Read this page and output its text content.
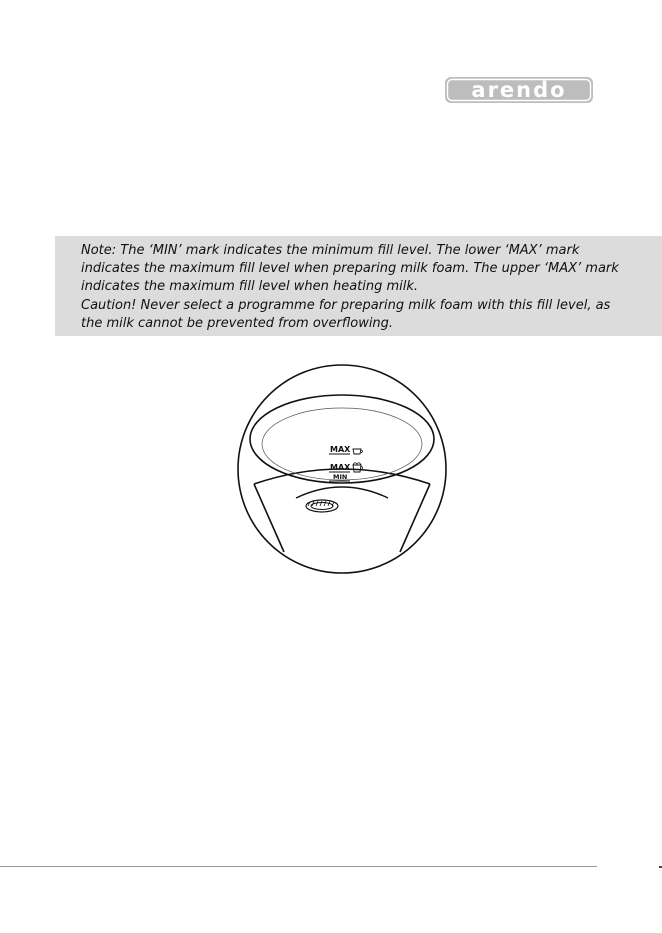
arendo

Note: The ‘MIN’ mark indicates the minimum fill level. The lower ‘MAX’ mark

indicates the maximum fill level when preparing milk foam. The upper ‘MAX’ mark

indicates the maximum fill level when heating milk.

Caution! Never select a programme for preparing milk foam with this fill level, as

the milk cannot be prevented from overflowing.

MAX
MAX
MIN
